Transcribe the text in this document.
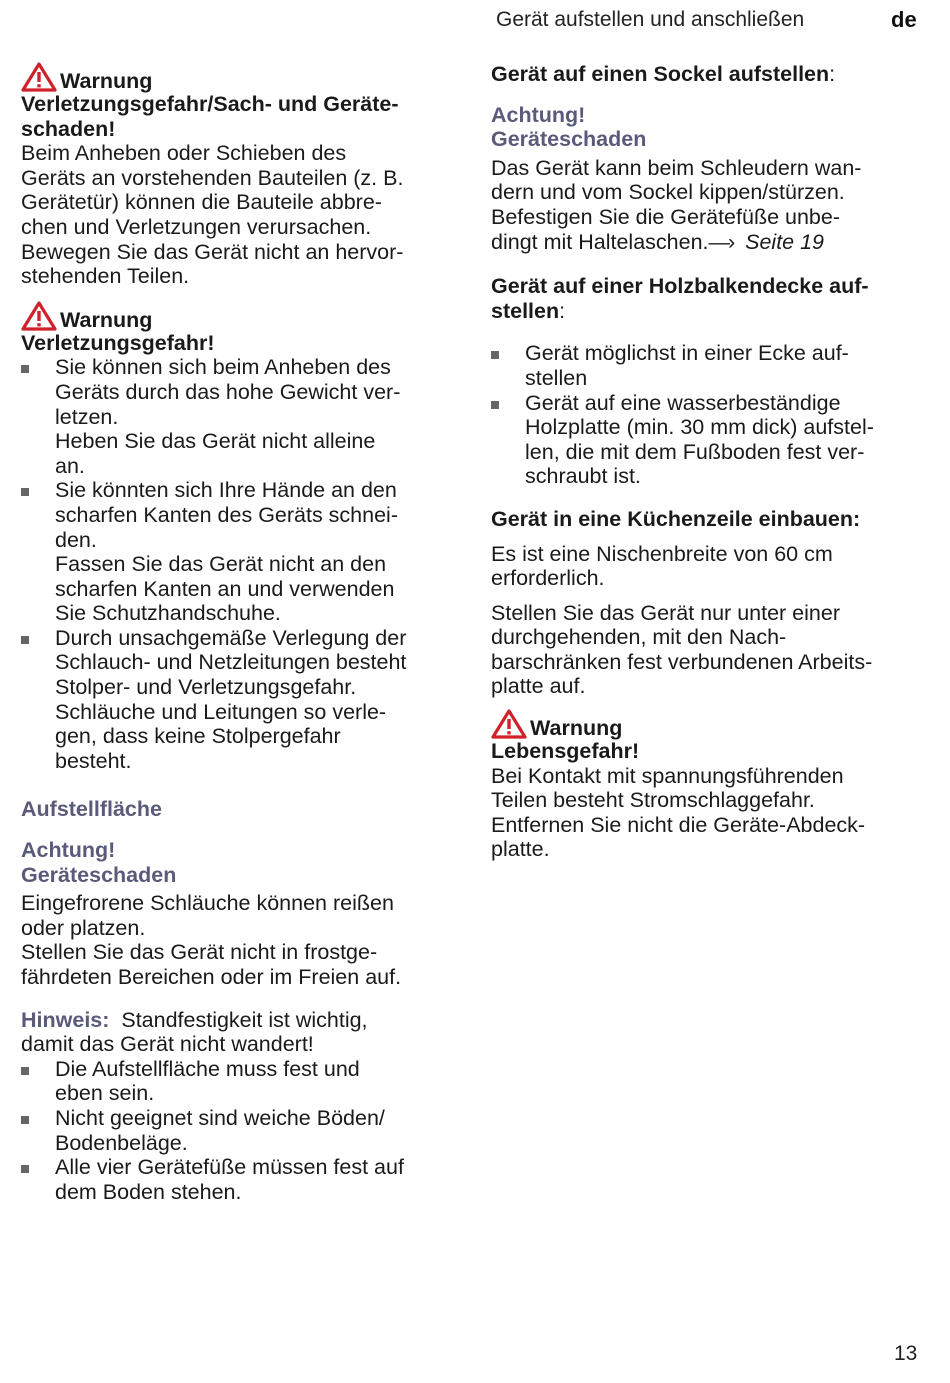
Gerät aufstellen und anschließen	de
Warnung
Verletzungsgefahr/Sach- und Geräte-
schaden!
Beim Anheben oder Schieben des
Geräts an vorstehenden Bauteilen (z. B.
Gerätetür) können die Bauteile abbre-
chen und Verletzungen verursachen.
Bewegen Sie das Gerät nicht an hervor-
stehenden Teilen.
Warnung
Verletzungsgefahr!
Sie können sich beim Anheben des
Geräts durch das hohe Gewicht ver-
letzen.
Heben Sie das Gerät nicht alleine
an.
Sie könnten sich Ihre Hände an den
scharfen Kanten des Geräts schnei-
den.
Fassen Sie das Gerät nicht an den
scharfen Kanten an und verwenden
Sie Schutzhandschuhe.
Durch unsachgemäße Verlegung der
Schlauch- und Netzleitungen besteht
Stolper- und Verletzungsgefahr.
Schläuche und Leitungen so verle-
gen, dass keine Stolpergefahr
besteht.
Aufstellfläche
Achtung!
Geräteschaden
Eingefrorene Schläuche können reißen
oder platzen.
Stellen Sie das Gerät nicht in frostge-
fährdeten Bereichen oder im Freien auf.
Hinweis: Standfestigkeit ist wichtig,
damit das Gerät nicht wandert!
Die Aufstellfläche muss fest und
eben sein.
Nicht geeignet sind weiche Böden/
Bodenbeläge.
Alle vier Gerätefüße müssen fest auf
dem Boden stehen.
Gerät auf einen Sockel aufstellen:
Achtung!
Geräteschaden
Das Gerät kann beim Schleudern wan-
dern und vom Sockel kippen/stürzen.
Befestigen Sie die Gerätefüße unbe-
dingt mit Haltelaschen.—› Seite 19
Gerät auf einer Holzbalkendecke auf-
stellen:
Gerät möglichst in einer Ecke auf-
stellen
Gerät auf eine wasserbeständige
Holzplatte (min. 30 mm dick) aufstel-
len, die mit dem Fußboden fest ver-
schraubt ist.
Gerät in eine Küchenzeile einbauen:
Es ist eine Nischenbreite von 60 cm
erforderlich.
Stellen Sie das Gerät nur unter einer
durchgehenden, mit den Nach-
barschränken fest verbundenen Arbeits-
platte auf.
Warnung
Lebensgefahr!
Bei Kontakt mit spannungsführenden
Teilen besteht Stromschlaggefahr.
Entfernen Sie nicht die Geräte-Abdeck-
platte.
13
